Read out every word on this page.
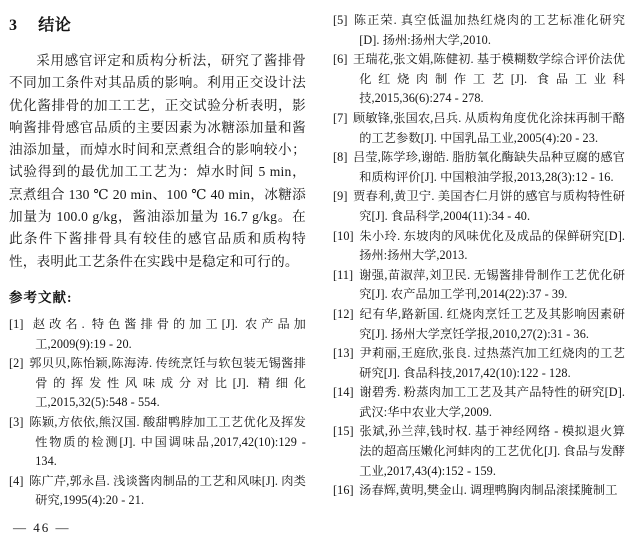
3 结论

采用感官评定和质构分析法，研究了酱排骨不同加工条件对其品质的影响。利用正交设计法优化酱排骨的加工工艺，正交试验分析表明，影响酱排骨感官品质的主要因素为冰糖添加量和酱油添加量，而焯水时间和烹煮组合的影响较小；试验得到的最优加工工艺为：焯水时间 5 min，烹煮组合 130 ℃ 20 min、100 ℃ 40 min，冰糖添加量为 100.0 g/kg，酱油添加量为 16.7 g/kg。在此条件下酱排骨具有较佳的感官品质和质构特性，表明此工艺条件在实践中是稳定和可行的。

参考文献:
[1] 赵改名. 特色酱排骨的加工[J]. 农产品加工,2009(9):19 - 20.
[2] 郭贝贝,陈怡颖,陈海涛. 传统烹饪与软包装无锡酱排骨的挥发性风味成分对比[J]. 精细化工,2015,32(5):548 - 554.
[3] 陈颖,方依依,熊汉国. 酸甜鸭脖加工工艺优化及挥发性物质的检测[J]. 中国调味品,2017,42(10):129 - 134.
[4] 陈广芹,郭永昌. 浅谈酱肉制品的工艺和风味[J]. 肉类研究,1995(4):20 - 21.
— 46 —
[5] 陈正荣. 真空低温加热红烧肉的工艺标准化研究[D]. 扬州:扬州大学,2010.
[6] 王瑞花,张文娟,陈健初. 基于模糊数学综合评价法优化红烧肉制作工艺[J]. 食品工业科技,2015,36(6):274 - 278.
[7] 顾敏锋,张国农,吕兵. 从质构角度优化涂抹再制干酪的工艺参数[J]. 中国乳品工业,2005(4):20 - 23.
[8] 吕莹,陈学珍,谢皓. 脂肪氧化酶缺失品种豆腐的感官和质构评价[J]. 中国粮油学报,2013,28(3):12 - 16.
[9] 贾春利,黄卫宁. 美国杏仁月饼的感官与质构特性研究[J]. 食品科学,2004(11):34 - 40.
[10] 朱小玲. 东坡肉的风味优化及成品的保鲜研究[D]. 扬州:扬州大学,2013.
[11] 谢强,苗淑萍,刘卫民. 无锡酱排骨制作工艺优化研究[J]. 农产品加工学刊,2014(22):37 - 39.
[12] 纪有华,路新国. 红烧肉烹饪工艺及其影响因素研究[J]. 扬州大学烹饪学报,2010,27(2):31 - 36.
[13] 尹莉丽,王庭欣,张良. 过热蒸汽加工红烧肉的工艺研究[J]. 食品科技,2017,42(10):122 - 128.
[14] 谢碧秀. 粉蒸肉加工工艺及其产品特性的研究[D]. 武汉:华中农业大学,2009.
[15] 张斌,孙兰萍,钱时权. 基于神经网络 - 模拟退火算法的超高压嫩化河蚌肉的工艺优化[J]. 食品与发酵工业,2017,43(4):152 - 159.
[16] 汤春辉,黄明,樊金山. 调理鸭胸肉制品滚揉腌制工
